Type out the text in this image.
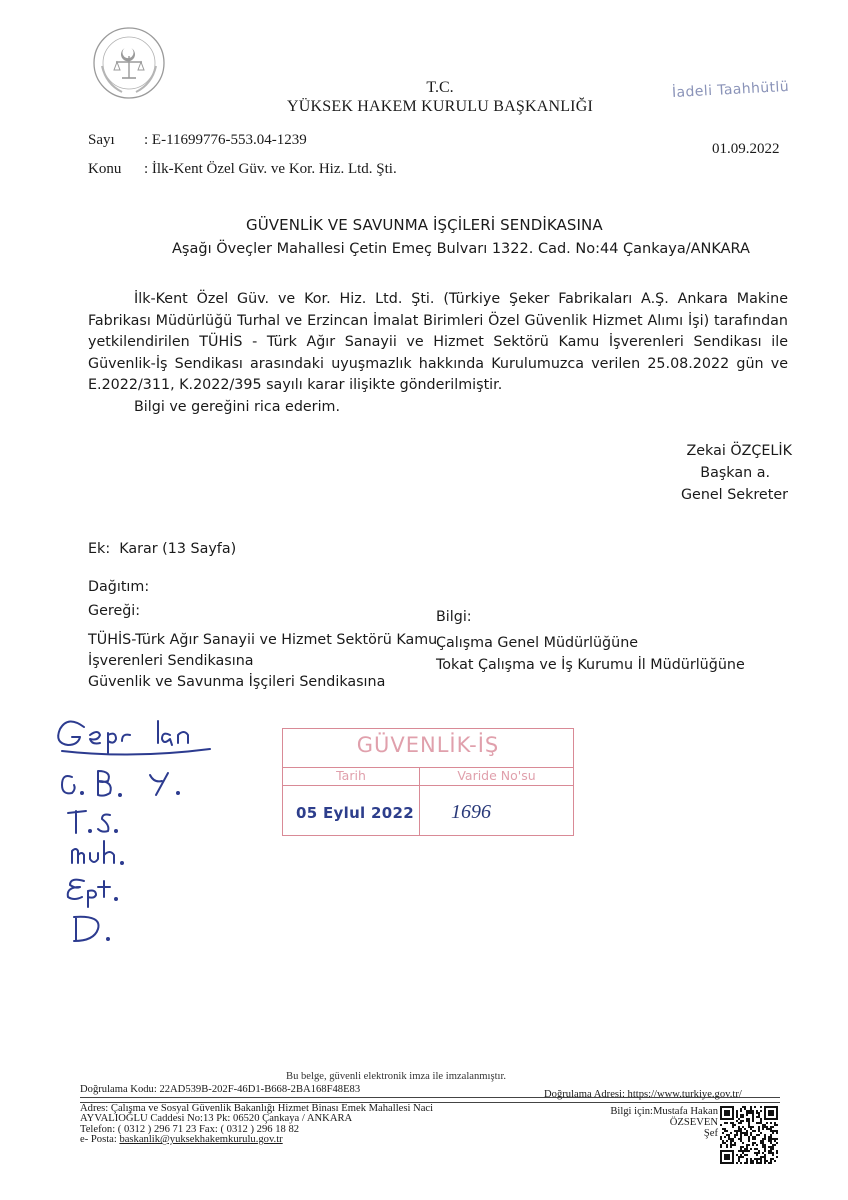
T.C.
YÜKSEK HAKEM KURULU BAŞKANLIĞI
İadeli Taahhütlü
Sayı : E-11699776-553.04-1239
Konu : İlk-Kent Özel Güv. ve Kor. Hiz. Ltd. Şti.
01.09.2022
GÜVENLİK VE SAVUNMA İŞÇİLERİ SENDİKASINA
Aşağı Öveçler Mahallesi Çetin Emeç Bulvarı 1322. Cad. No:44 Çankaya/ANKARA

İlk-Kent Özel Güv. ve Kor. Hiz. Ltd. Şti. (Türkiye Şeker Fabrikaları A.Ş. Ankara Makine Fabrikası Müdürlüğü Turhal ve Erzincan İmalat Birimleri Özel Güvenlik Hizmet Alımı İşi) tarafından yetkilendirilen TÜHİS - Türk Ağır Sanayii ve Hizmet Sektörü Kamu İşverenleri Sendikası ile Güvenlik-İş Sendikası arasındaki uyuşmazlık hakkında Kurulumuzca verilen 25.08.2022 gün ve E.2022/311, K.2022/395 sayılı karar ilişikte gönderilmiştir.

Bilgi ve gereğini rica ederim.

Zekai ÖZÇELİK
Başkan a.
Genel Sekreter
Ek: Karar (13 Sayfa)
Dağıtım:
Gereği:	Bilgi:
TÜHİS-Türk Ağır Sanayii ve Hizmet Sektörü Kamu
İşverenleri Sendikasına
Güvenlik ve Savunma İşçileri Sendikasına
Çalışma Genel Müdürlüğüne
Tokat Çalışma ve İş Kurumu İl Müdürlüğüne
GÜVENLİK-İŞ
Tarih	Varide No'su
05 Eylul 2022 1696
Bu belge, güvenli elektronik imza ile imzalanmıştır.
Doğrulama Kodu: 22AD539B-202F-46D1-B668-2BA168F48E83	Doğrulama Adresi: https://www.turkiye.gov.tr/
Adres: Çalışma ve Sosyal Güvenlik Bakanlığı Hizmet Binası Emek Mahallesi Naci
AYVALIOĞLU Caddesi No:13 Pk: 06520 Çankaya / ANKARA
Telefon: ( 0312 ) 296 71 23 Fax: ( 0312 ) 296 18 82
e- Posta: baskanlik@yuksekhakemkurulu.gov.tr
Bilgi için:Mustafa Hakan
ÖZSEVEN
Şef
